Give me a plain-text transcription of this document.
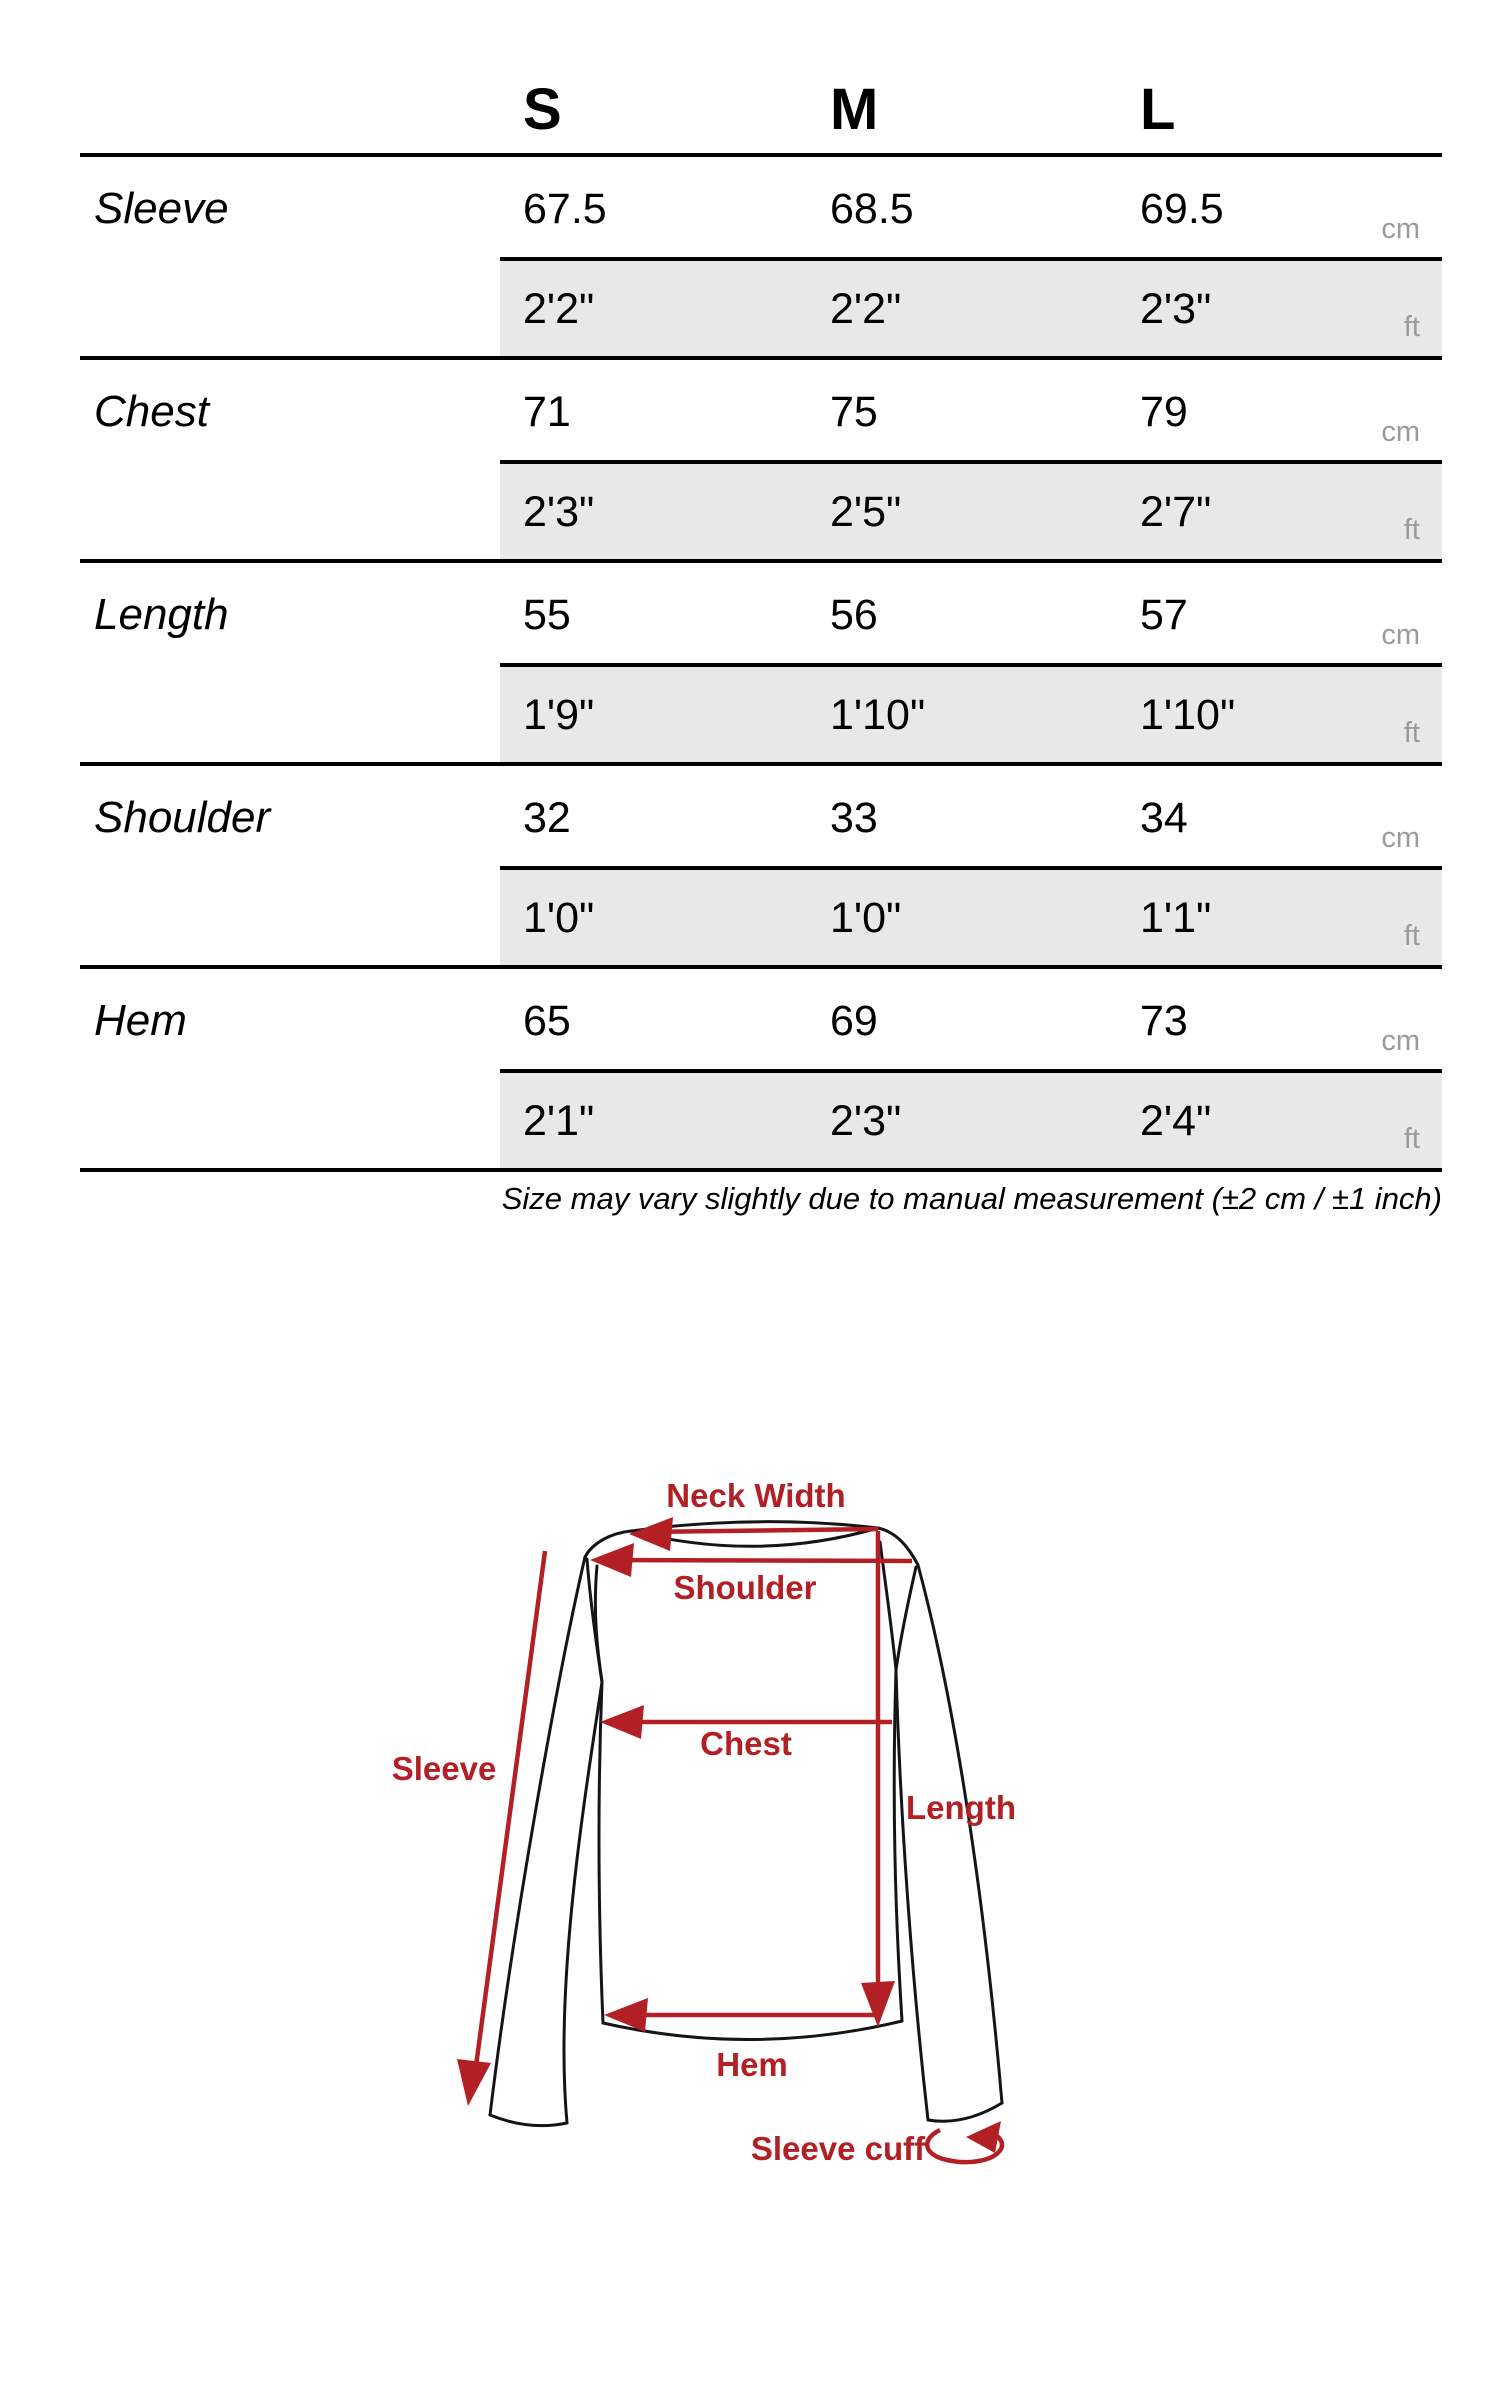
S	M	L
Sleeve	67.5	68.5	69.5	cm
2'2"	2'2"	2'3"	ft
Chest	71	75	79	cm
2'3"	2'5"	2'7"	ft
Length	55	56	57	cm
1'9"	1'10"	1'10"	ft
Shoulder	32	33	34	cm
1'0"	1'0"	1'1"	ft
Hem	65	69	73	cm
2'1"	2'3"	2'4"	ft
Size may vary slightly due to manual measurement (±2 cm / ±1 inch)
Neck Width
Shoulder
Chest
Sleeve
Length
Hem
Sleeve cuff
